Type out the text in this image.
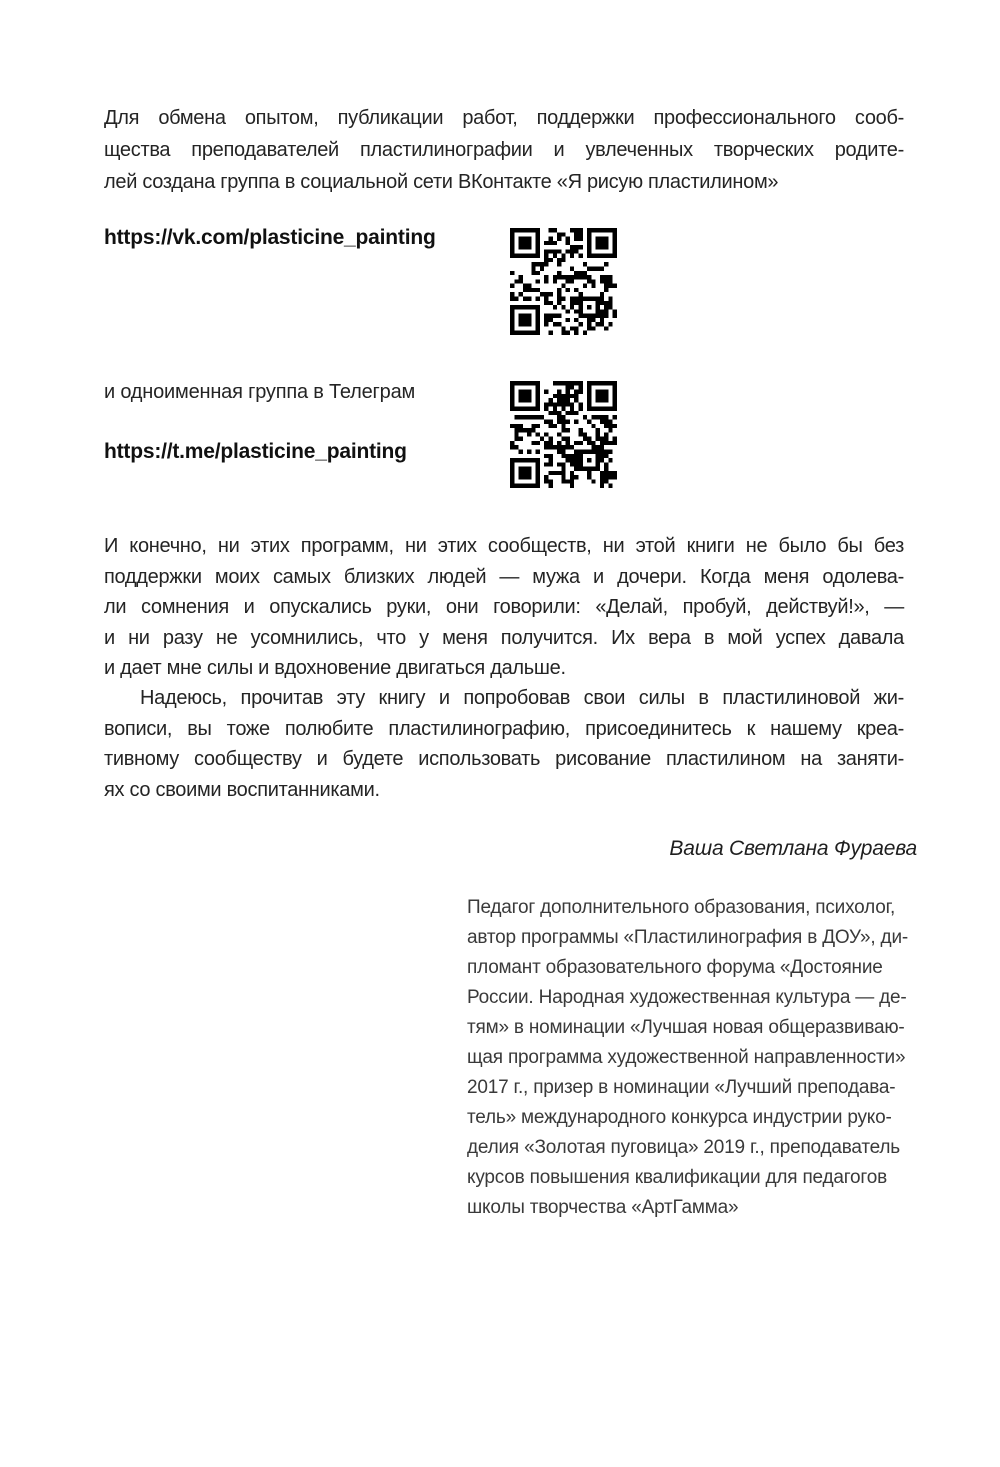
Для обмена опытом, публикации работ, поддержки профессионального сооб-
щества преподавателей пластилинографии и увлеченных творческих родите-
лей создана группа в социальной сети ВКонтакте «Я рисую пластилином»
https://vk.com/plasticine_painting
и одноименная группа в Телеграм
https://t.me/plasticine_painting
И конечно, ни этих программ, ни этих сообществ, ни этой книги не было бы без
поддержки моих самых близких людей — мужа и дочери. Когда меня одолева-
ли сомнения и опускались руки, они говорили: «Делай, пробуй, действуй!», —
и ни разу не усомнились, что у меня получится. Их вера в мой успех давала
и дает мне силы и вдохновение двигаться дальше.
Надеюсь, прочитав эту книгу и попробовав свои силы в пластилиновой жи-
вописи, вы тоже полюбите пластилинографию, присоединитесь к нашему креа-
тивному сообществу и будете использовать рисование пластилином на заняти-
ях со своими воспитанниками.
Ваша Светлана Фураева
Педагог дополнительного образования, психолог,
автор программы «Пластилинография в ДОУ», ди-
пломант образовательного форума «Достояние
России. Народная художественная культура — де-
тям» в номинации «Лучшая новая общеразвиваю-
щая программа художественной направленности»
2017 г., призер в номинации «Лучший преподава-
тель» международного конкурса индустрии руко-
делия «Золотая пуговица» 2019 г., преподаватель
курсов повышения квалификации для педагогов
школы творчества «АртГамма»
